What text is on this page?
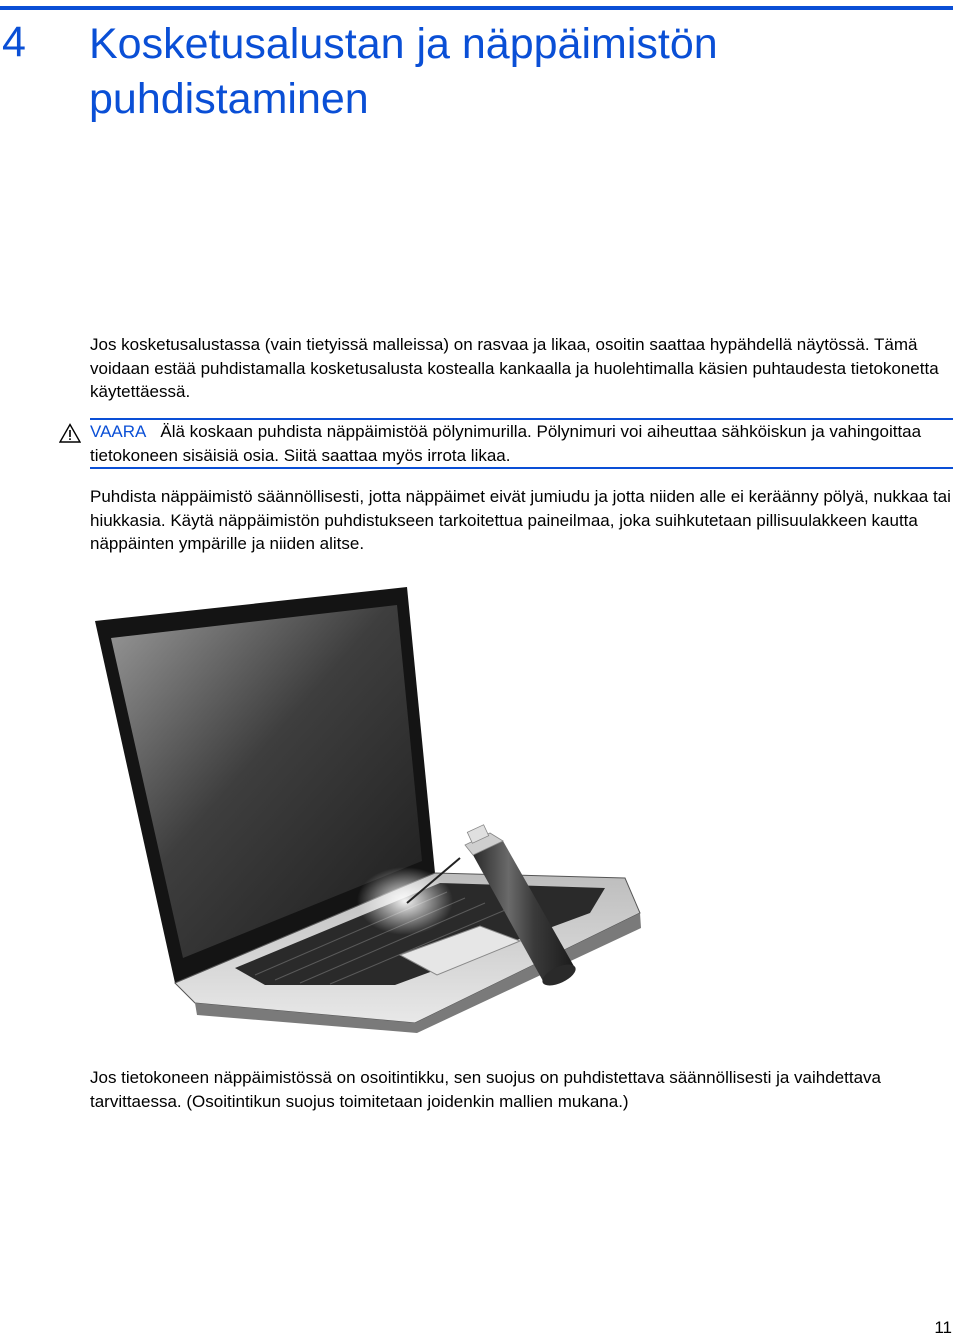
4 Kosketusalustan ja näppäimistön puhdistaminen

Jos kosketusalustassa (vain tietyissä malleissa) on rasvaa ja likaa, osoitin saattaa hypähdellä näytössä. Tämä voidaan estää puhdistamalla kosketusalusta kostealla kankaalla ja huolehtimalla käsien puhtaudesta tietokonetta käytettäessä.

VAARA Älä koskaan puhdista näppäimistöä pölynimurilla. Pölynimuri voi aiheuttaa sähköiskun ja vahingoittaa tietokoneen sisäisiä osia. Siitä saattaa myös irrota likaa.

Puhdista näppäimistö säännöllisesti, jotta näppäimet eivät jumiudu ja jotta niiden alle ei keräänny pölyä, nukkaa tai hiukkasia. Käytä näppäimistön puhdistukseen tarkoitettua paineilmaa, joka suihkutetaan pillisuulakkeen kautta näppäinten ympärille ja niiden alitse.

Jos tietokoneen näppäimistössä on osoitintikku, sen suojus on puhdistettava säännöllisesti ja vaihdettava tarvittaessa. (Osoitintikun suojus toimitetaan joidenkin mallien mukana.)

11
